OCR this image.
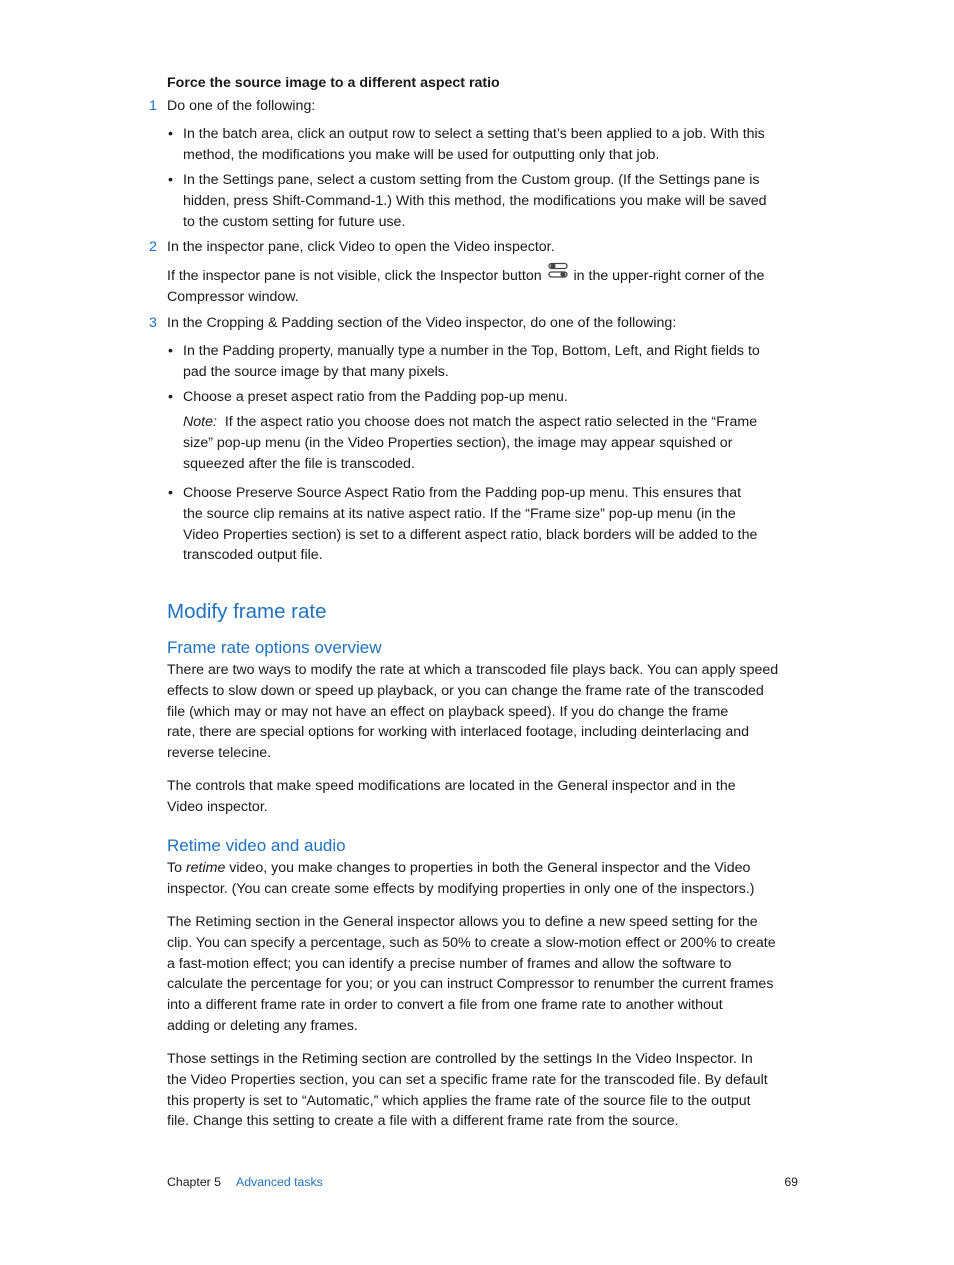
Force the source image to a different aspect ratio
1 Do one of the following:
• In the batch area, click an output row to select a setting that’s been applied to a job. With this

method, the modifications you make will be used for outputting only that job.

• In the Settings pane, select a custom setting from the Custom group. (If the Settings pane is

hidden, press Shift-Command-1.) With this method, the modifications you make will be saved

to the custom setting for future use.

2 In the inspector pane, click Video to open the Video inspector.

If the inspector pane is not visible, click the Inspector button in the upper-right corner of the

Compressor window.

3 In the Cropping & Padding section of the Video inspector, do one of the following:
• In the Padding property, manually type a number in the Top, Bottom, Left, and Right fields to

pad the source image by that many pixels.

• Choose a preset aspect ratio from the Padding pop-up menu.

Note: If the aspect ratio you choose does not match the aspect ratio selected in the “Frame

size” pop-up menu (in the Video Properties section), the image may appear squished or

squeezed after the file is transcoded.

• Choose Preserve Source Aspect Ratio from the Padding pop-up menu. This ensures that

the source clip remains at its native aspect ratio. If the “Frame size” pop-up menu (in the

Video Properties section) is set to a different aspect ratio, black borders will be added to the

transcoded output file.

Modify frame rate
Frame rate options overview

There are two ways to modify the rate at which a transcoded file plays back. You can apply speed

effects to slow down or speed up playback, or you can change the frame rate of the transcoded

file (which may or may not have an effect on playback speed). If you do change the frame

rate, there are special options for working with interlaced footage, including deinterlacing and

reverse telecine.

The controls that make speed modifications are located in the General inspector and in the

Video inspector.

Retime video and audio

To retime video, you make changes to properties in both the General inspector and the Video

inspector. (You can create some effects by modifying properties in only one of the inspectors.)

The Retiming section in the General inspector allows you to define a new speed setting for the

clip. You can specify a percentage, such as 50% to create a slow-motion effect or 200% to create

a fast-motion effect; you can identify a precise number of frames and allow the software to

calculate the percentage for you; or you can instruct Compressor to renumber the current frames

into a different frame rate in order to convert a file from one frame rate to another without

adding or deleting any frames.

Those settings in the Retiming section are controlled by the settings In the Video Inspector. In

the Video Properties section, you can set a specific frame rate for the transcoded file. By default

this property is set to “Automatic,” which applies the frame rate of the source file to the output

file. Change this setting to create a file with a different frame rate from the source.

Chapter 5 Advanced tasks	69
